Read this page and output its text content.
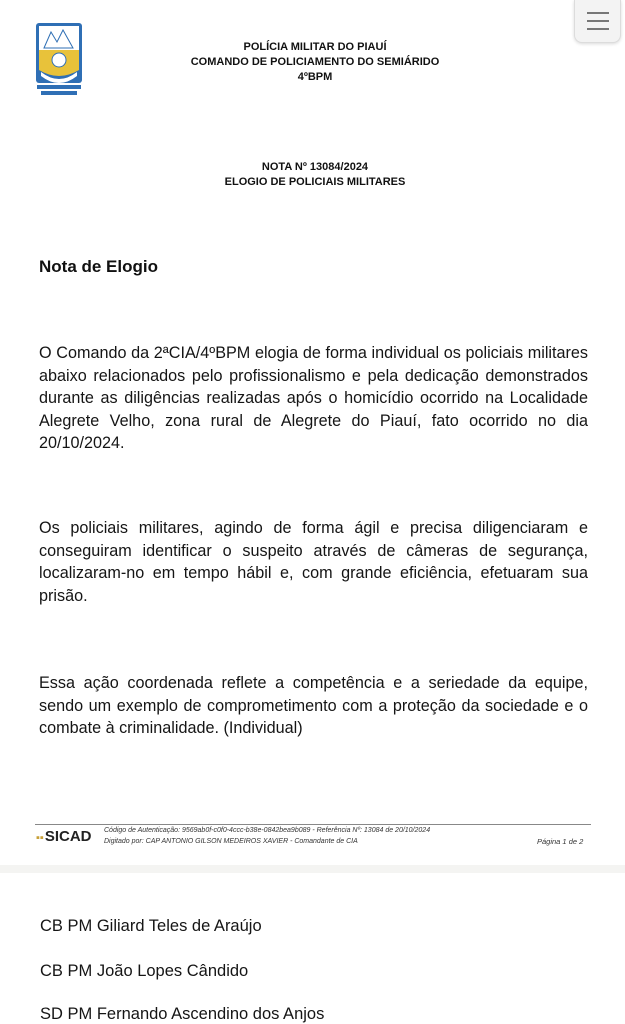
POLÍCIA MILITAR DO PIAUÍ
COMANDO DE POLICIAMENTO DO SEMIÁRIDO
4ºBPM
NOTA Nº 13084/2024
ELOGIO DE POLICIAIS MILITARES
Nota de Elogio
O Comando da 2ªCIA/4ºBPM elogia de forma individual os policiais militares abaixo relacionados pelo profissionalismo e pela dedicação demonstrados durante as diligências realizadas após o homicídio ocorrido na Localidade Alegrete Velho, zona rural de Alegrete do Piauí, fato ocorrido no dia 20/10/2024.
Os policiais militares, agindo de forma ágil e precisa diligenciaram e conseguiram identificar o suspeito através de câmeras de segurança, localizaram-no em tempo hábil e, com grande eficiência, efetuaram sua prisão.
Essa ação coordenada reflete a competência e a seriedade da equipe, sendo um exemplo de comprometimento com a proteção da sociedade e o combate à criminalidade. (Individual)
▪▪SICAD Código de Autenticação: 9569ab0f-c0f0-4ccc-b38e-0842bea9b089 - Referência Nº: 13084 de 20/10/2024
Digitado por: CAP ANTONIO GILSON MEDEIROS XAVIER - Comandante de CIA	Página 1 de 2
CB PM Giliard Teles de Araújo
CB PM João Lopes Cândido
SD PM Fernando Ascendino dos Anjos
